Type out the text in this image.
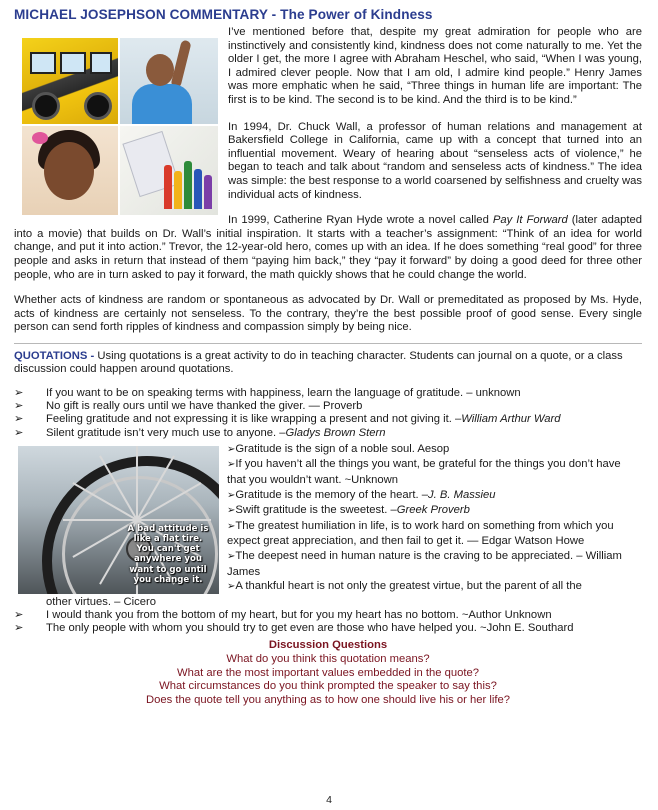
MICHAEL JOSEPHSON COMMENTARY - The Power of Kindness

I’ve mentioned before that, despite my great admiration for people who are instinctively and consistently kind, kindness does not come naturally to me. Yet the older I get, the more I agree with Abraham Heschel, who said, “When I was young, I admired clever people. Now that I am old, I admire kind people.” Henry James was more emphatic when he said, “Three things in human life are important: The first is to be kind. The second is to be kind. And the third is to be kind.”

In 1994, Dr. Chuck Wall, a professor of human relations and management at Bakersfield College in California, came up with a concept that turned into an influential movement. Weary of hearing about “senseless acts of violence,” he began to teach and talk about “random and senseless acts of kindness.” The idea was simple: the best response to a world coarsened by selfishness and cruelty was individual acts of kindness.

In 1999, Catherine Ryan Hyde wrote a novel called Pay It Forward (later adapted into a movie) that builds on Dr. Wall’s initial inspiration. It starts with a teacher’s assignment: “Think of an idea for world change, and put it into action.” Trevor, the 12-year-old hero, comes up with an idea. If he does something “real good” for three people and asks in return that instead of them “paying him back,” they “pay it forward” by doing a good deed for three other people, who are in turn asked to pay it forward, the math quickly shows that he could change the world.

Whether acts of kindness are random or spontaneous as advocated by Dr. Wall or premeditated as proposed by Ms. Hyde, acts of kindness are certainly not senseless. To the contrary, they’re the best possible proof of good sense. Every single person can send forth ripples of kindness and compassion simply by being nice.

QUOTATIONS - Using quotations is a great activity to do in teaching character. Students can journal on a quote, or a class discussion could happen around quotations.

➢ If you want to be on speaking terms with happiness, learn the language of gratitude. – unknown
➢ No gift is really ours until we have thanked the giver. — Proverb
➢ Feeling gratitude and not expressing it is like wrapping a present and not giving it. –William Arthur Ward
➢ Silent gratitude isn’t very much use to anyone. –Gladys Brown Stern
A bad attitude is like a flat tire. You can't get anywhere you want to go until you change it.

➢Gratitude is the sign of a noble soul. Aesop

➢If you haven’t all the things you want, be grateful for the things you don’t have that you wouldn’t want. ~Unknown

➢Gratitude is the memory of the heart. –J. B. Massieu

➢Swift gratitude is the sweetest. –Greek Proverb

➢The greatest humiliation in life, is to work hard on something from which you expect great appreciation, and then fail to get it. — Edgar Watson Howe

➢The deepest need in human nature is the craving to be appreciated. – William James

➢A thankful heart is not only the greatest virtue, but the parent of all the

other virtues. – Cicero
➢ I would thank you from the bottom of my heart, but for you my heart has no bottom. ~Author Unknown
➢ The only people with whom you should try to get even are those who have helped you. ~John E. Southard
Discussion Questions
What do you think this quotation means?
What are the most important values embedded in the quote?
What circumstances do you think prompted the speaker to say this?
Does the quote tell you anything as to how one should live his or her life?
4
